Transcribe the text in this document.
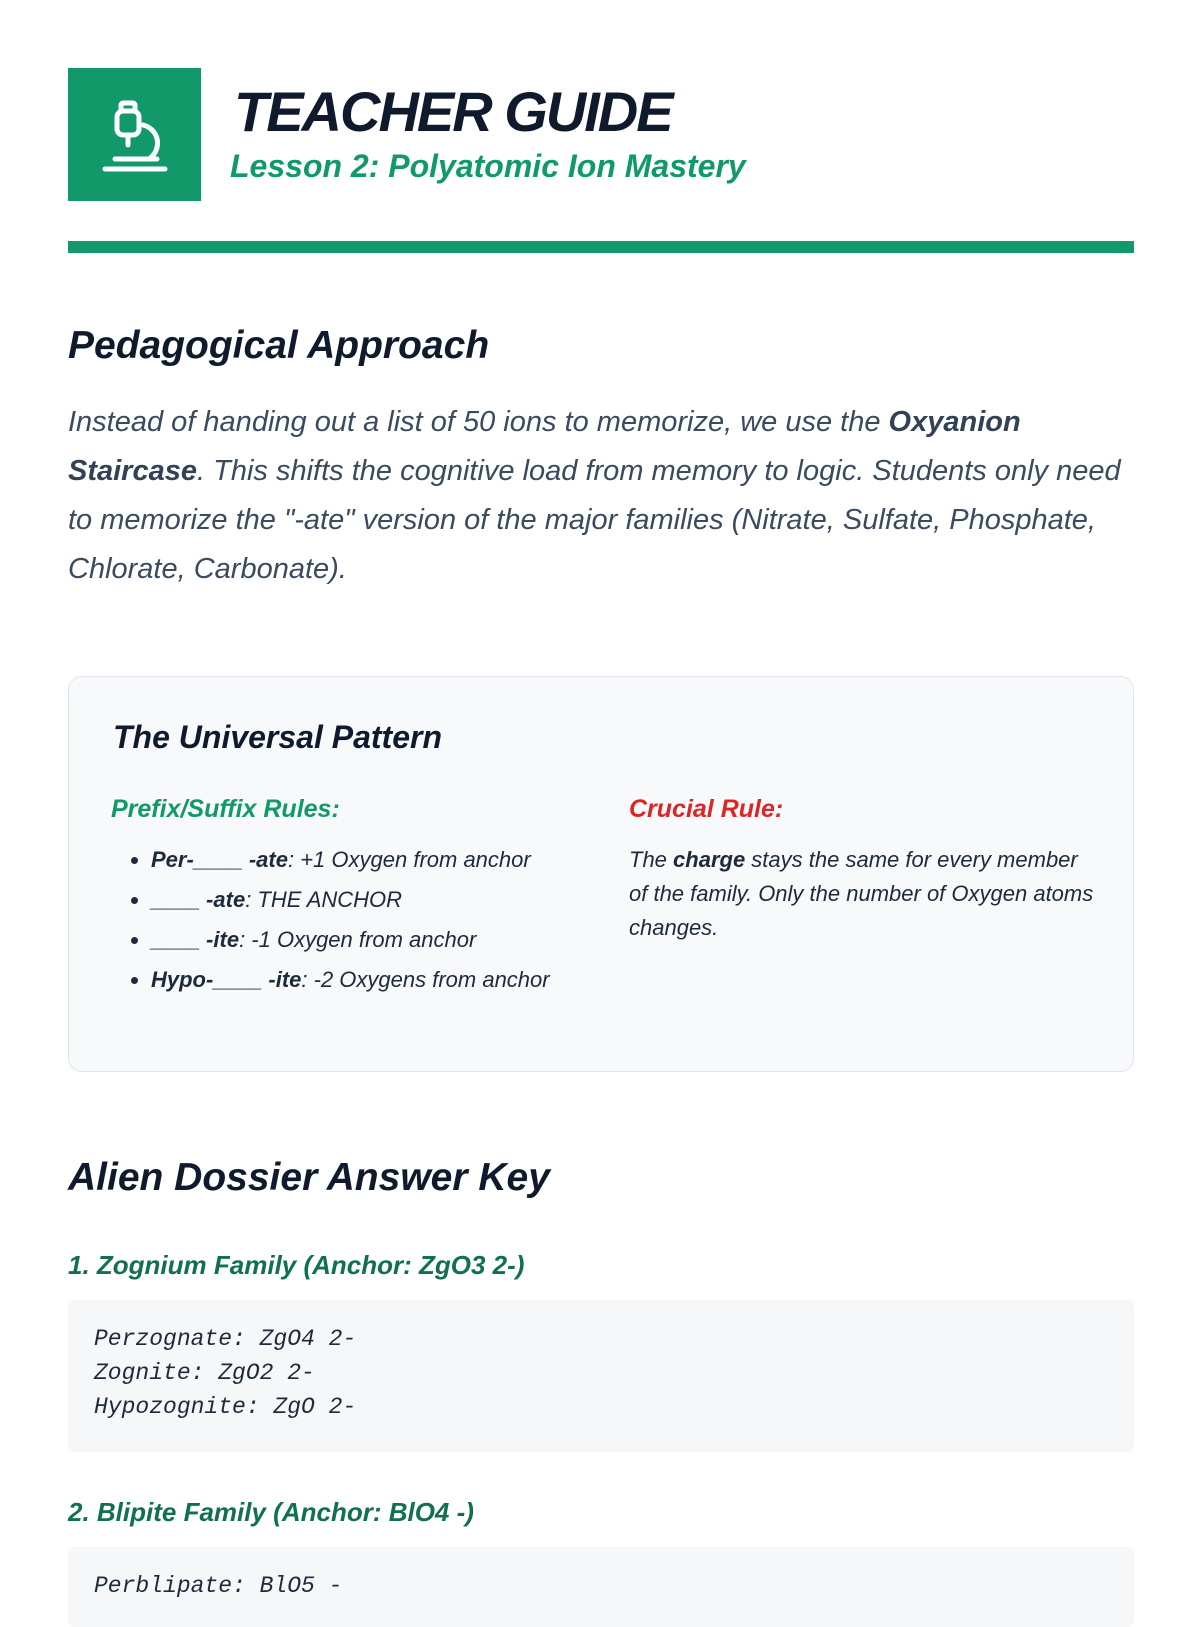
TEACHER GUIDE

Lesson 2: Polyatomic Ion Mastery

Pedagogical Approach

Instead of handing out a list of 50 ions to memorize, we use the Oxyanion Staircase. This shifts the cognitive load from memory to logic. Students only need to memorize the "-ate" version of the major families (Nitrate, Sulfate, Phosphate, Chlorate, Carbonate).

The Universal Pattern
Prefix/Suffix Rules:
• Per-____ -ate: +1 Oxygen from anchor
• ____ -ate: THE ANCHOR
• ____ -ite: -1 Oxygen from anchor
• Hypo-____ -ite: -2 Oxygens from anchor
Crucial Rule:

The charge stays the same for every member of the family. Only the number of Oxygen atoms changes.

Alien Dossier Answer Key
1. Zognium Family (Anchor: ZgO3 2-)
Perzognate: ZgO4 2-
Zognite: ZgO2 2-
Hypozognite: ZgO 2-
2. Blipite Family (Anchor: BlO4 -)
Perblipate: BlO5 -
